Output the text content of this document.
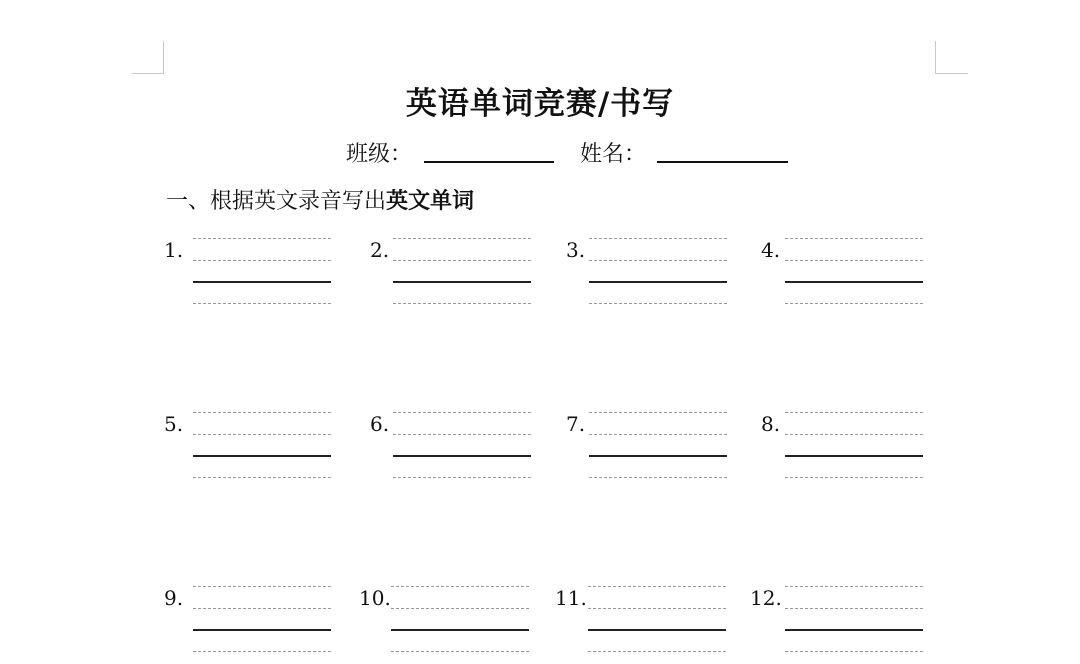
英语单词竞赛/书写
班级：	姓名：
一、根据英文录音写出英文单词
1.	2.	3.	4.
5.	6.	7.	8.
9.	10.	11.	12.
